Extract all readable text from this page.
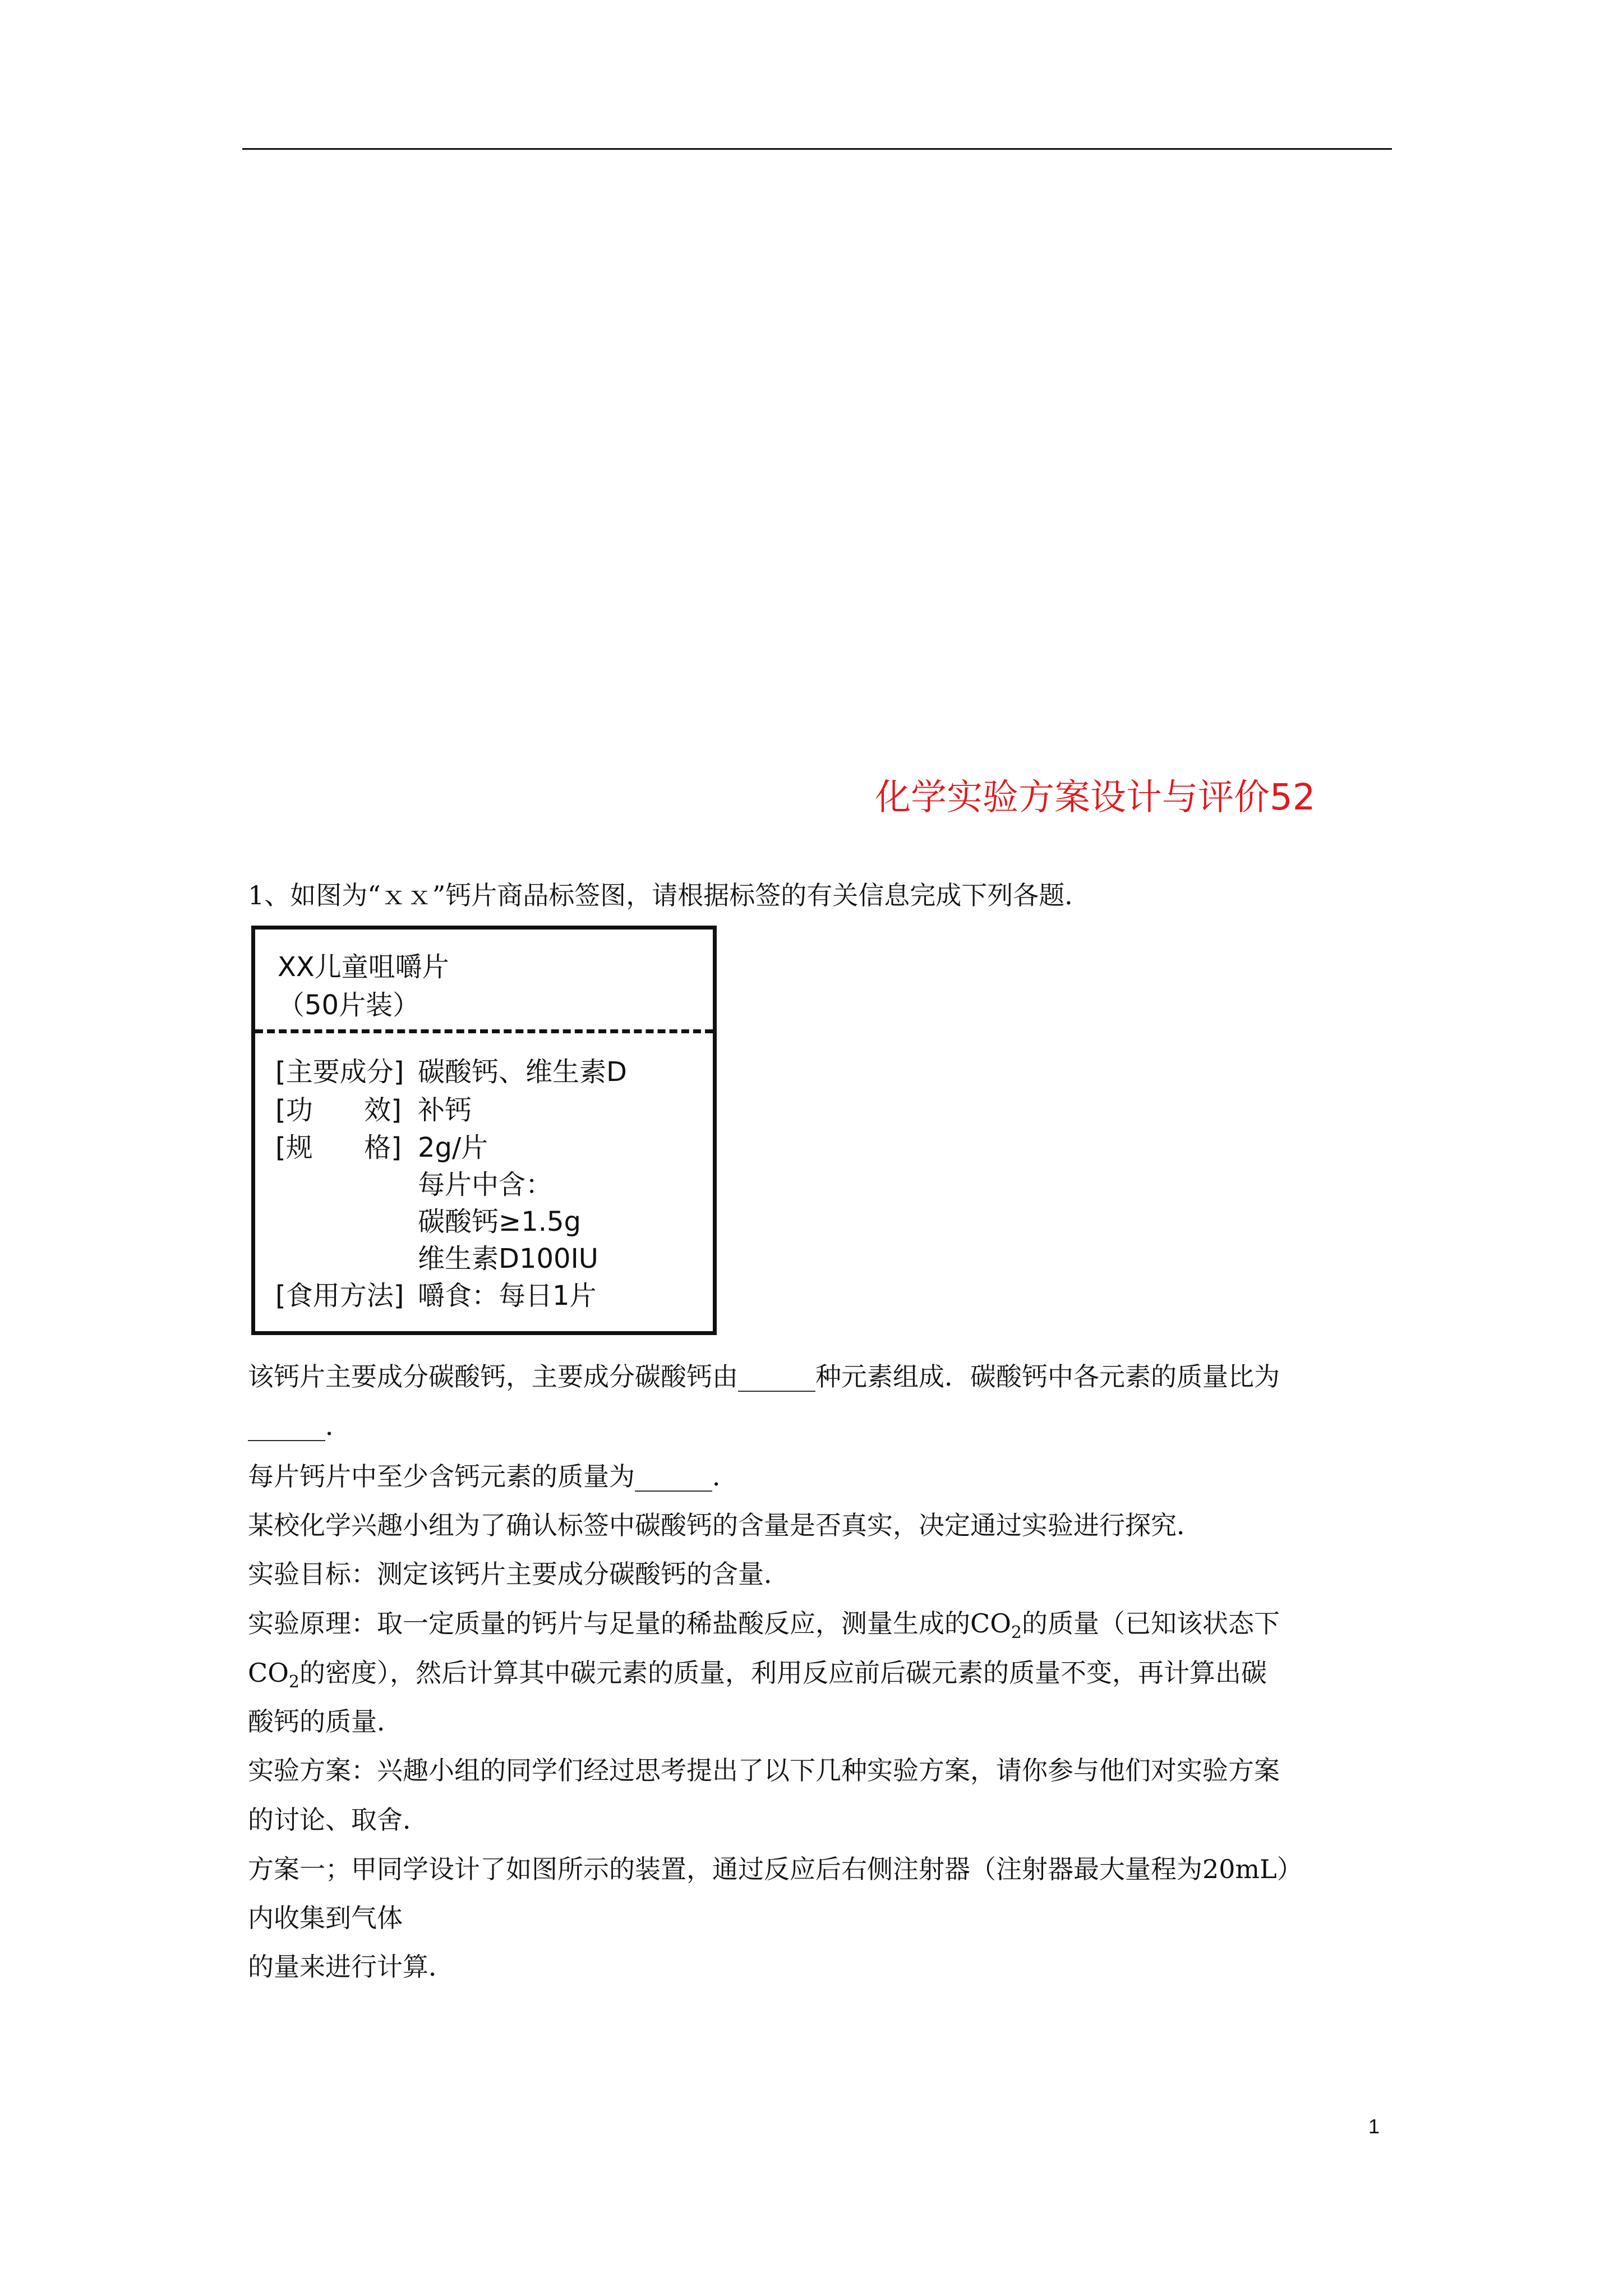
化学实验方案设计与评价52
1、如图为“ｘｘ”钙片商品标签图，请根据标签的有关信息完成下列各题．
XX儿童咀嚼片
（50片装）
[主要成分] 碳酸钙、维生素D
[功      效] 补钙
[规      格] 2g/片
每片中含：
碳酸钙≥1.5g
维生素D100IU
[食用方法] 嚼食：每日1片
该钙片主要成分碳酸钙，主要成分碳酸钙由______种元素组成．碳酸钙中各元素的质量比为
______．
每片钙片中至少含钙元素的质量为______．
某校化学兴趣小组为了确认标签中碳酸钙的含量是否真实，决定通过实验进行探究．
实验目标：测定该钙片主要成分碳酸钙的含量．
实验原理：取一定质量的钙片与足量的稀盐酸反应，测量生成的$CO_2$的质量（已知该状态下
$CO_2$的密度），然后计算其中碳元素的质量，利用反应前后碳元素的质量不变，再计算出碳
酸钙的质量．
实验方案：兴趣小组的同学们经过思考提出了以下几种实验方案，请你参与他们对实验方案
的讨论、取舍．
方案一；甲同学设计了如图所示的装置，通过反应后右侧注射器（注射器最大量程为20mL）
内收集到气体
的量来进行计算．
1
